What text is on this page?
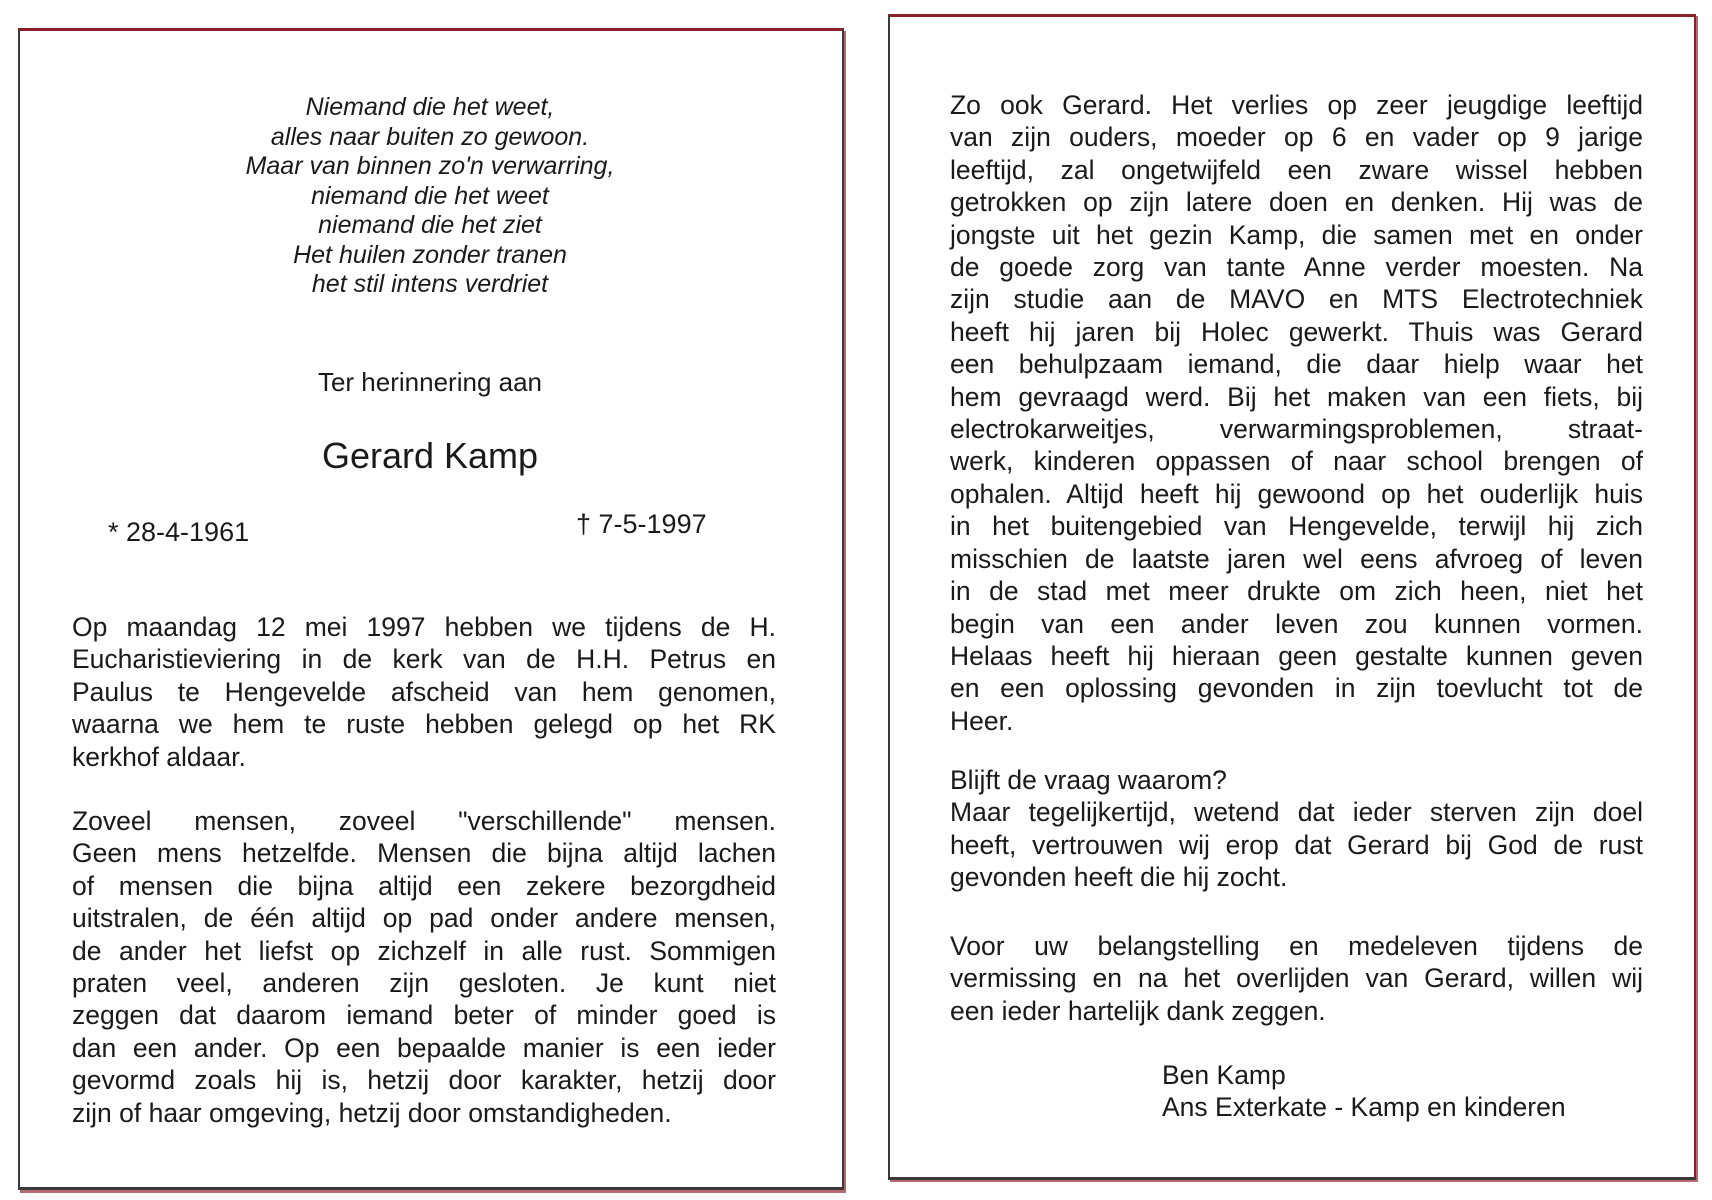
Niemand die het weet,
alles naar buiten zo gewoon.
Maar van binnen zo'n verwarring,
niemand die het weet
niemand die het ziet
Het huilen zonder tranen
het stil intens verdriet
Ter herinnering aan
Gerard Kamp
* 28-4-1961	† 7-5-1997
Op maandag 12 mei 1997 hebben we tijdens de H.
Eucharistieviering in de kerk van de H.H. Petrus en
Paulus te Hengevelde afscheid van hem genomen,
waarna we hem te ruste hebben gelegd op het RK
kerkhof aldaar.
Zoveel mensen, zoveel "verschillende" mensen.
Geen mens hetzelfde. Mensen die bijna altijd lachen
of mensen die bijna altijd een zekere bezorgdheid
uitstralen, de één altijd op pad onder andere mensen,
de ander het liefst op zichzelf in alle rust. Sommigen
praten veel, anderen zijn gesloten. Je kunt niet
zeggen dat daarom iemand beter of minder goed is
dan een ander. Op een bepaalde manier is een ieder
gevormd zoals hij is, hetzij door karakter, hetzij door
zijn of haar omgeving, hetzij door omstandigheden.
Zo ook Gerard. Het verlies op zeer jeugdige leeftijd
van zijn ouders, moeder op 6 en vader op 9 jarige
leeftijd, zal ongetwijfeld een zware wissel hebben
getrokken op zijn latere doen en denken. Hij was de
jongste uit het gezin Kamp, die samen met en onder
de goede zorg van tante Anne verder moesten. Na
zijn studie aan de MAVO en MTS Electrotechniek
heeft hij jaren bij Holec gewerkt. Thuis was Gerard
een behulpzaam iemand, die daar hielp waar het
hem gevraagd werd. Bij het maken van een fiets, bij
electrokarweitjes, verwarmingsproblemen, straat-
werk, kinderen oppassen of naar school brengen of
ophalen. Altijd heeft hij gewoond op het ouderlijk huis
in het buitengebied van Hengevelde, terwijl hij zich
misschien de laatste jaren wel eens afvroeg of leven
in de stad met meer drukte om zich heen, niet het
begin van een ander leven zou kunnen vormen.
Helaas heeft hij hieraan geen gestalte kunnen geven
en een oplossing gevonden in zijn toevlucht tot de
Heer.
Blijft de vraag waarom?
Maar tegelijkertijd, wetend dat ieder sterven zijn doel
heeft, vertrouwen wij erop dat Gerard bij God de rust
gevonden heeft die hij zocht.
Voor uw belangstelling en medeleven tijdens de
vermissing en na het overlijden van Gerard, willen wij
een ieder hartelijk dank zeggen.
Ben Kamp
Ans Exterkate - Kamp en kinderen
